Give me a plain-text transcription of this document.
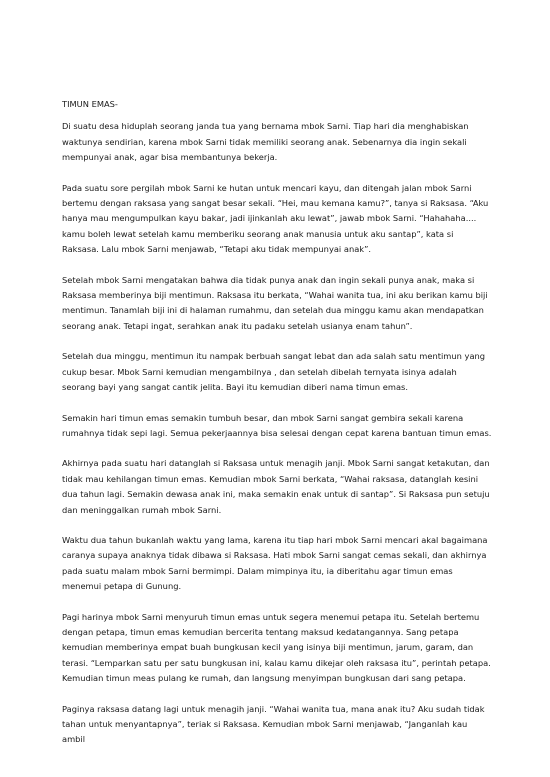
TIMUN EMAS-

Di suatu desa hiduplah seorang janda tua yang bernama mbok Sarni. Tiap hari dia menghabiskan waktunya sendirian, karena mbok Sarni tidak memiliki seorang anak. Sebenarnya dia ingin sekali mempunyai anak, agar bisa membantunya bekerja.

Pada suatu sore pergilah mbok Sarni ke hutan untuk mencari kayu, dan ditengah jalan mbok Sarni bertemu dengan raksasa yang sangat besar sekali. “Hei, mau kemana kamu?”, tanya si Raksasa. “Aku hanya mau mengumpulkan kayu bakar, jadi ijinkanlah aku lewat”, jawab mbok Sarni. “Hahahaha.... kamu boleh lewat setelah kamu memberiku seorang anak manusia untuk aku santap”, kata si Raksasa. Lalu mbok Sarni menjawab, “Tetapi aku tidak mempunyai anak”.

Setelah mbok Sarni mengatakan bahwa dia tidak punya anak dan ingin sekali punya anak, maka si Raksasa memberinya biji mentimun. Raksasa itu berkata, “Wahai wanita tua, ini aku berikan kamu biji mentimun. Tanamlah biji ini di halaman rumahmu, dan setelah dua minggu kamu akan mendapatkan seorang anak. Tetapi ingat, serahkan anak itu padaku setelah usianya enam tahun”.

Setelah dua minggu, mentimun itu nampak berbuah sangat lebat dan ada salah satu mentimun yang cukup besar. Mbok Sarni kemudian mengambilnya , dan setelah dibelah ternyata isinya adalah seorang bayi yang sangat cantik jelita. Bayi itu kemudian diberi nama timun emas.

Semakin hari timun emas semakin tumbuh besar, dan mbok Sarni sangat gembira sekali karena rumahnya tidak sepi lagi. Semua pekerjaannya bisa selesai dengan cepat karena bantuan timun emas.

Akhirnya pada suatu hari datanglah si Raksasa untuk menagih janji. Mbok Sarni sangat ketakutan, dan tidak mau kehilangan timun emas. Kemudian mbok Sarni berkata, “Wahai raksasa, datanglah kesini dua tahun lagi. Semakin dewasa anak ini, maka semakin enak untuk di santap”. Si Raksasa pun setuju dan meninggalkan rumah mbok Sarni.

Waktu dua tahun bukanlah waktu yang lama, karena itu tiap hari mbok Sarni mencari akal bagaimana caranya supaya anaknya tidak dibawa si Raksasa. Hati mbok Sarni sangat cemas sekali, dan akhirnya pada suatu malam mbok Sarni bermimpi. Dalam mimpinya itu, ia diberitahu agar timun emas menemui petapa di Gunung.

Pagi harinya mbok Sarni menyuruh timun emas untuk segera menemui petapa itu. Setelah bertemu dengan petapa, timun emas kemudian bercerita tentang maksud kedatangannya. Sang petapa kemudian memberinya empat buah bungkusan kecil yang isinya biji mentimun, jarum, garam, dan terasi. “Lemparkan satu per satu bungkusan ini, kalau kamu dikejar oleh raksasa itu”, perintah petapa. Kemudian timun meas pulang ke rumah, dan langsung menyimpan bungkusan dari sang petapa.

Paginya raksasa datang lagi untuk menagih janji. “Wahai wanita tua, mana anak itu? Aku sudah tidak tahan untuk menyantapnya”, teriak si Raksasa. Kemudian mbok Sarni menjawab, “Janganlah kau ambil
